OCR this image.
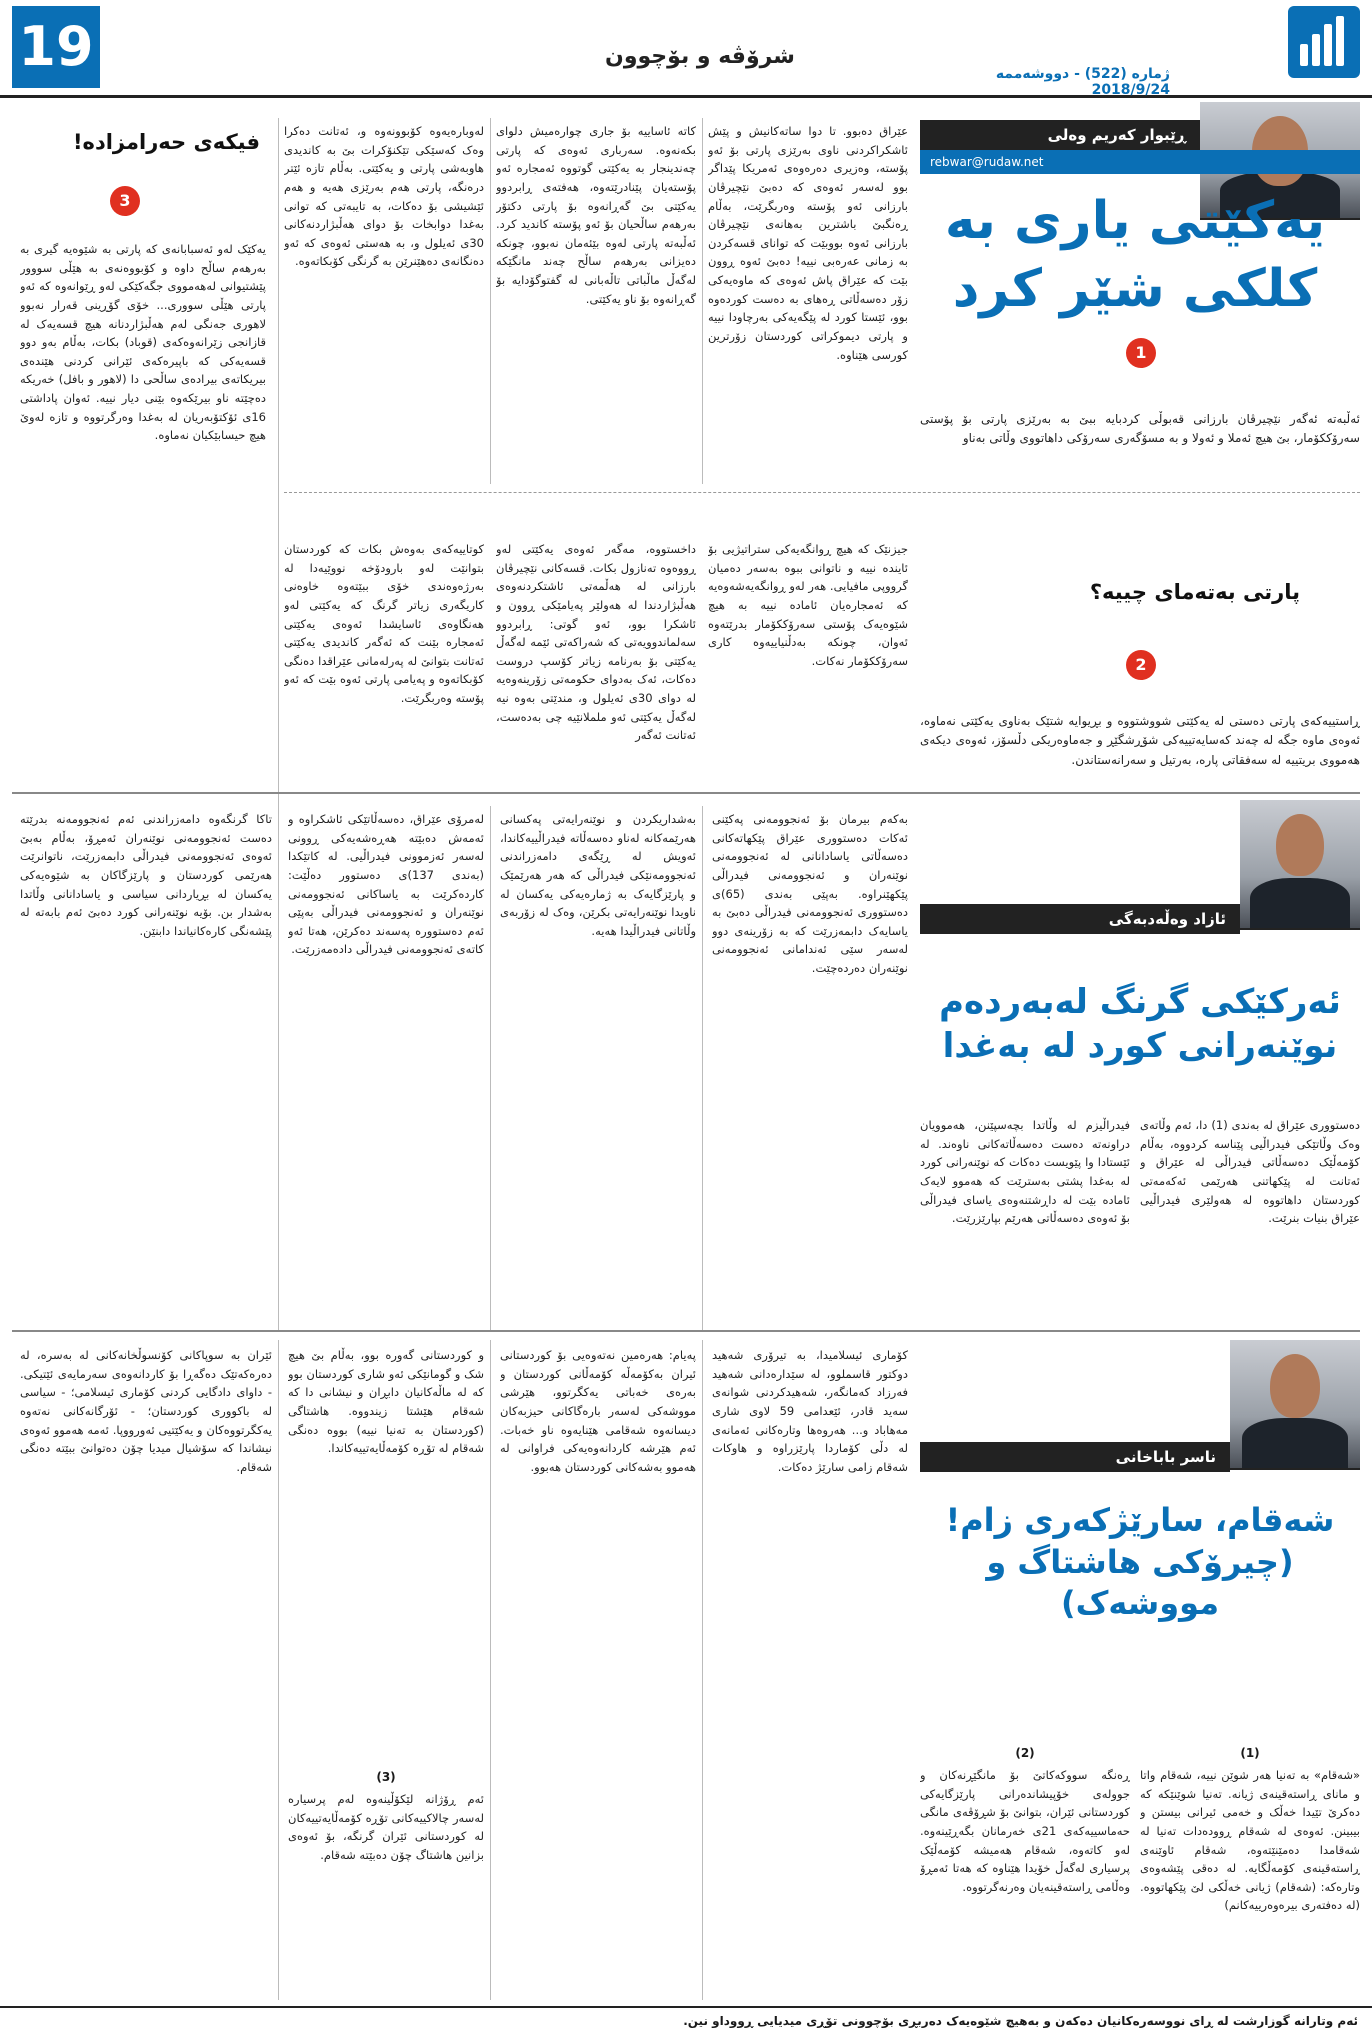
19	شرۆڤە و بۆچوون
ژمارە (522) - دووشەممە 2018/9/24
ڕێبوار کەریم وەلی
rebwar@rudaw.net
یەکێتی یاری بە کلکی شێر کرد
1
ئەڵبەتە ئەگەر نێچیرڤان بارزانی قەبوڵی کردبایە ببێ بە بەرێزی پارتی بۆ پۆستی سەرۆککۆمار، بێ هیچ ئەملا و ئەولا و بە مسۆگەری سەرۆکی داهاتووی وڵاتی بەناو
عێراق دەبوو. تا دوا ساتەکانیش و پێش ئاشکراکردنی ناوی بەرێزی پارتی بۆ ئەو پۆستە، وەزیری دەرەوەی ئەمریکا پێداگر بوو لەسەر ئەوەی کە دەبێ نێچیرڤان بارزانی ئەو پۆستە وەربگرێت، بەڵام ڕەنگبێ باشترین بەهانەی نێچیرڤان بارزانی ئەوە بووبێت کە توانای قسەکردن بە زمانی عەرەبی نییە! دەبێ ئەوە ڕوون بێت کە عێراق پاش ئەوەی کە ماوەیەکی زۆر دەسەڵاتی ڕەهای بە دەست کوردەوە بوو، ئێستا کورد لە پێگەیەکی بەرچاودا نییە و پارتی دیموکراتی کوردستان زۆرترین کورسی هێناوە.
کاتە ئاساییە بۆ جاری چوارەمیش دلوای بکەنەوە. سەرباری ئەوەی کە پارتی چەندینجار بە یەکێتی گوتووە ئەمجارە ئەو پۆستەیان پێنادرێتەوە، هەفتەی ڕابردوو یەکێتی بێ گەڕانەوە بۆ پارتی دکتۆر بەرهەم ساڵحیان بۆ ئەو پۆستە کاندید کرد. ئەڵبەتە پارتی لەوە بێئەمان نەبوو، چونکە دەیزانی بەرهەم ساڵح چەند مانگێکە لەگەڵ ماڵباتی تاڵەبانی لە گفتوگۆدایە بۆ گەڕانەوە بۆ ناو یەکێتی.
لەوبارەیەوە کۆبوونەوە و، ئەتانت دەکرا وەک کەسێکی تێکنۆکرات بێ بە کاندیدی هاوبەشی پارتی و یەکێتی. بەڵام تازە ئێتر درەنگە، پارتی هەم بەرێزی هەیە و هەم ئێشیشی بۆ دەکات، بە تایبەتی کە توانی بەغدا دوابخات بۆ دوای هەڵبژاردنەکانی 30ی ئەیلول و، بە هەستی ئەوەی کە ئەو دەنگانەی دەهێنرێن بە گرنگی کۆبکاتەوە.
پارتی بەتەمای چییە؟
2
ڕاستییەکەی پارتی دەستی لە یەکێتی شووشتووە و بڕیوایە شتێک بەناوی یەکێتی نەماوە، ئەوەی ماوە جگە لە چەند کەسایەتییەکی شۆڕشگێڕ و جەماوەریکی دڵسۆز، ئەوەی دیکەی هەمووی بریتییە لە سەفقاتی پارە، بەرتیل و سەرانەستاندن.
جیزنێک کە هیچ ڕوانگەیەکی ستراتیژیی بۆ ئاینده نییە و ناتوانی ببوە بەسەر دەمیان گرووپی مافیایی. هەر لەو ڕوانگەیەشەوەیە کە ئەمجارەیان ئامادە نییە بە هیچ شێوەیەک پۆستی سەرۆککۆمار بدرێتەوە ئەوان، چونکە بەدڵنیاییەوە کاری سەرۆککۆمار نەکات.
داخستووە، مەگەر ئەوەی یەکێتی لەو ڕووەوە تەنازول بکات. قسەکانی نێچیرڤان بارزانی لە هەڵمەتی ئاشتکردنەوەی هەڵبژاردندا لە هەولێر پەیامێکی ڕوون و ئاشکرا بوو، ئەو گوتی: ڕابردوو سەلماندوویەتی کە شەراکەتی ئێمە لەگەڵ یەکێتی بۆ بەرنامە زیاتر کۆسپ دروست دەکات، ئەک بەدوای حکومەتی زۆرینەوەیە لە دوای 30ی ئەیلول و، مندێتی بەوە نیە لەگەڵ یەکێتی ئەو ململانێیە چی بەدەست، ئەتانت ئەگەر
کوتاییەکەی بەوەش بکات کە کوردستان بتوانێت لەو بارودۆخە نووێیەدا لە بەرژەوەندی خۆی ببێتەوە خاوەنی کاریگەری زیاتر گرنگ کە یەکێتی لەو هەنگاوەی ئاسایشدا ئەوەی یەکێتی ئەمجارە بێنت کە ئەگەر کاندیدی یەکێتی ئەتانت بتوانێ لە پەرلەمانی عێراقدا دەنگی کۆبکاتەوە و پەیامی پارتی ئەوە بێت کە ئەو پۆستە وەربگرێت.
فیکەی حەرامزادە!
3
یەکێک لەو ئەسبابانەی کە پارتی بە شێوەیە گیری بە بەرهەم ساڵح داوە و کۆبووەنەی بە هێڵی سووور پێشتیوانی لەھەمووی جگەکێکی لەو ڕێوانەوە کە ئەو پارتی هێڵی سووری... خۆی گۆڕینی قەرار نەبوو لاهوری جەنگی لەم هەڵبژاردنانە هیچ قسەیەک لە قازانجی زێرانەوەکەی (قوباد) بکات، بەڵام بەو دوو قسەیەکی کە باپیرەکەی ئێرانی کردنی هێندەی بیریکاتەی بیرادەی ساڵحی دا (لاهور و بافل) خەریکە دەچێتە ناو بیرێکەوە بێنی دیار نییە. ئەوان پاداشتی 16ی ئۆکتۆبەریان لە بەغدا وەرگرتووە و تازە لەوێ هیچ حیسابێکیان نەماوە.
ئازاد وەڵەدبەگی
ئەرکێکی گرنگ لەبەردەم نوێنەرانی کورد لە بەغدا
دەستووری عێراق لە بەندی (1) دا، ئەم وڵاتەی وەک وڵاتێکی فیدراڵیی پێناسە کردووە، بەڵام کۆمەڵێک دەسەڵاتی فیدراڵی لە عێراق و ئەتانت لە پێکهاتنی هەرێمی ئەکەمەتی کوردستان داهاتووە لە هەولێری فیدراڵیی عێراق بنیات بنرێت.
فیدراڵیزم لە وڵاتدا بچەسپێنن، هەموویان دراونەتە دەست دەسەڵاتەکانی ناوەند. لە ئێستادا وا پێویست دەکات کە نوێنەرانی کورد لە بەغدا پشتی بەسترێت کە هەموو لایەک ئامادە بێت لە داڕشتنەوەی یاسای فیدراڵی بۆ ئەوەی دەسەڵاتی هەرێم بپارێزرێت.
بەکەم بیرمان بۆ ئەنجوومەنی پەکێنی ئەکات دەستووری عێراق پێکهاتەکانی دەسەڵاتی یاسادانانی لە ئەنجوومەنی نوێنەران و ئەنجوومەنی فیدراڵی پێکهێنراوە. بەپێی بەندی (65)ی دەستووری ئەنجوومەنی فیدراڵی دەبێ بە یاسایەک دابمەزرێت کە بە زۆرینەی دوو لەسەر سێی ئەندامانی ئەنجوومەنی نوێنەران دەردەچێت.
بەشداریکردن و نوێنەرایەتی پەکسانی هەرێمەکانە لەناو دەسەڵاتە فیدراڵییەکاندا، ئەویش لە ڕێگەی دامەزراندنی ئەنجوومەنێکی فیدراڵی کە هەر هەرێمێک و پارێزگایەک بە ژمارەیەکی یەکسان لە ناویدا نوێنەرایەتی بکرێن، وەک لە زۆربەی وڵاتانی فیدراڵیدا هەیە.
لەمرۆی عێراق، دەسەڵاتێکی ئاشکراوە و ئەمەش دەبێتە هەڕەشەیەکی ڕوونی لەسەر ئەزموونی فیدراڵیی. لە کاتێکدا (بەندی 137)ی دەستوور دەڵێت: کاردەکرێت بە یاساکانی ئەنجوومەنی نوێنەران و ئەنجوومەنی فیدراڵی بەپێی ئەم دەستوورە پەسەند دەکرێن، هەتا ئەو کاتەی ئەنجوومەنی فیدراڵی دادەمەزرێت.
تاکا گرنگەوە دامەزراندنی ئەم ئەنجوومەنە بدرێتە دەست ئەنجوومەنی نوێنەران ئەمڕۆ، بەڵام بەبێ ئەوەی ئەنجوومەنی فیدراڵی دابمەزرێت، ناتوانرێت هەرێمی کوردستان و پارێزگاکان بە شێوەیەکی یەکسان لە بڕیاردانی سیاسی و یاسادانانی وڵاتدا بەشدار بن. بۆیە نوێنەرانی کورد دەبێ ئەم بابەتە لە پێشەنگی کارەکانیاندا دابنێن.
ناسر باباخانی
شەقام، سارێژکەری زام! (چیرۆکی هاشتاگ و مووشەک)
(1)
«شەقام» بە تەنیا هەر شوێن نییە، شەقام واتا و مانای ڕاستەقینەی ژیانە. تەنیا شوێنێکە کە دەکرێ تێیدا خەڵک و خەمی ئیرانی بیستن و بیبینن. ئەوەی لە شەقام ڕوودەدات تەنیا لە شەقامدا دەمێنێتەوە، شەقام ئاوێنەی ڕاستەقینەی کۆمەڵگایە. لە دەقی پێشەوەی وتارەکە: (شەقام) ژیانی خەڵکی لێ پێکهاتووە. (لە دەفتەری بیرەوەرییەکانم)
(2)
ڕەنگە سووکەکاتێ بۆ مانگێڕنەکان و جوولەی خۆپیشاندەرانی پارێزگایەکی کوردستانی ئێران، بتوانێ بۆ شڕۆڤەی مانگی حەماسییەکەی 21ی خەرمانان بگەڕێینەوە. لەو کاتەوە، شەقام هەمیشە کۆمەڵێک پرسیاری لەگەڵ خۆیدا هێناوە کە هەتا ئەمڕۆ وەڵامی ڕاستەقینەیان وەرنەگرتووە.
کۆماری ئیسلامیدا، بە تیرۆری شەهید دوکتور قاسملوو، لە سێدارەدانی شەهید فەرزاد کەمانگەر، شەهیدکردنی شوانەی سەید قادر، ئێعدامی 59 لاوی شاری مەهاباد و... هەروەها وتارەکانی ئەمانەی لە دڵی کۆماردا پارێزراوە و هاوکات شەقام زامی سارێژ دەکات.
پەیام: هەرەمین نەتەوەیی بۆ کوردستانی ئیران بەکۆمەڵە کۆمەڵانی کوردستان و بەرەی خەباتی یەکگرتوو، هێرشی مووشەکی لەسەر بارەگاکانی حیزبەکان دیسانەوە شەقامی هێنایەوە ناو خەبات. ئەم هێرشە کاردانەوەیەکی فراوانی لە هەموو بەشەکانی کوردستان هەبوو.
و کوردستانی گەورە بوو، بەڵام بێ هیچ شک و گومانێکی ئەو شاری کوردستان بوو کە لە ماڵەکانیان دابڕان و نیشانی دا کە شەقام هێشتا زیندووە. هاشتاگی (کوردستان بە تەنیا نییە) بووە دەنگی شەقام لە تۆڕە کۆمەڵایەتییەکاندا.
(3)
ئەم ڕۆژانە لێکۆڵینەوە لەم پرسیارە لەسەر چالاکییەکانی تۆڕە کۆمەڵایەتییەکان لە کوردستانی ئێران گرنگە، بۆ ئەوەی بزانین هاشتاگ چۆن دەبێتە شەقام.
ئێران بە سوپاکانی کۆنسوڵخانەکانی لە بەسرە، لە دەرەکەتێک دەگەڕا بۆ کاردانەوەی سەرمایەی ئێتیکی. - داوای دادگایی کردنی کۆماری ئیسلامی؛ - سیاسی لە باکووری کوردستان؛ - ئۆرگانەکانی نەتەوە یەکگرتووەکان و یەکێتیی ئەورووپا. ئەمە هەموو ئەوەی نیشاندا کە سۆشیال میدیا چۆن دەتوانێ ببێتە دەنگی شەقام.
ئەم وتارانە گوزارشت لە ڕای نووسەرەکانیان دەکەن و بەهیچ شێوەیەک دەربڕی بۆچوونی تۆڕی میدیایی ڕووداو نین.
